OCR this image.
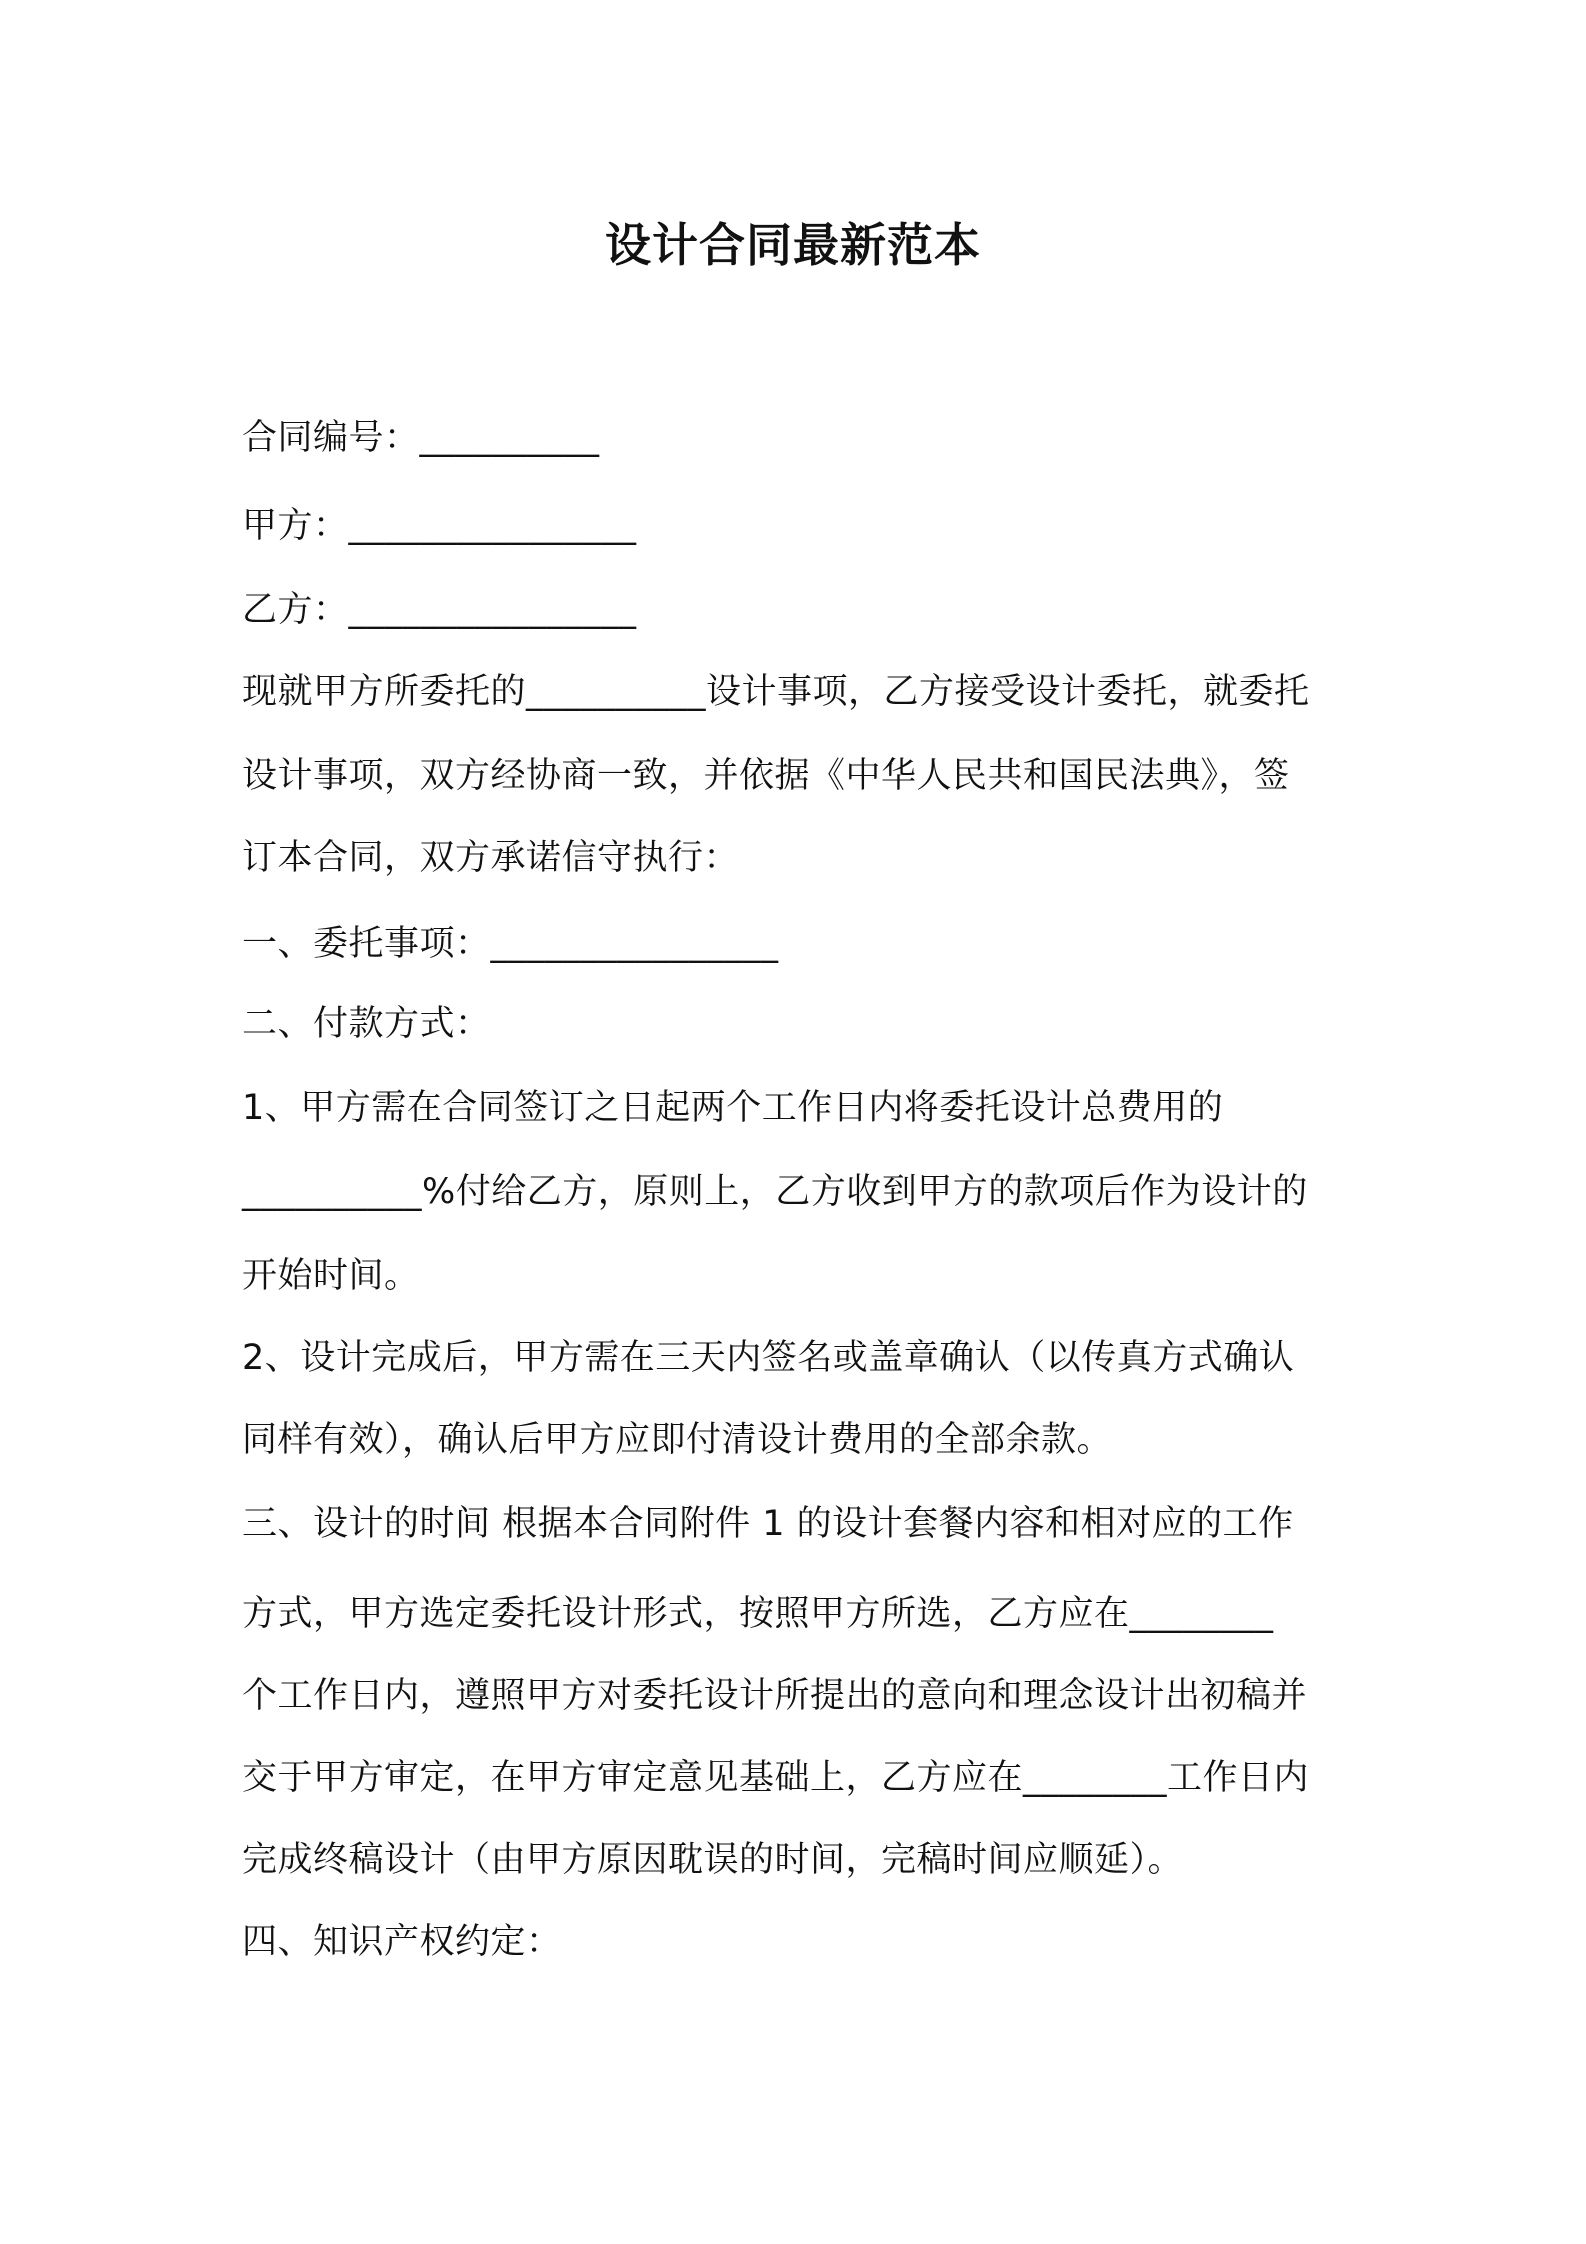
设计合同最新范本
合同编号：__________
甲方：________________
乙方：________________
现就甲方所委托的__________设计事项，乙方接受设计委托，就委托
设计事项，双方经协商一致，并依据《中华人民共和国民法典》，签
订本合同，双方承诺信守执行：
一、委托事项：________________
二、付款方式：
1、甲方需在合同签订之日起两个工作日内将委托设计总费用的
__________%付给乙方，原则上，乙方收到甲方的款项后作为设计的
开始时间。
2、设计完成后，甲方需在三天内签名或盖章确认（以传真方式确认
同样有效），确认后甲方应即付清设计费用的全部余款。
三、设计的时间 根据本合同附件 1 的设计套餐内容和相对应的工作
方式，甲方选定委托设计形式，按照甲方所选，乙方应在________
个工作日内，遵照甲方对委托设计所提出的意向和理念设计出初稿并
交于甲方审定，在甲方审定意见基础上，乙方应在________工作日内
完成终稿设计（由甲方原因耽误的时间，完稿时间应顺延）。
四、知识产权约定：
